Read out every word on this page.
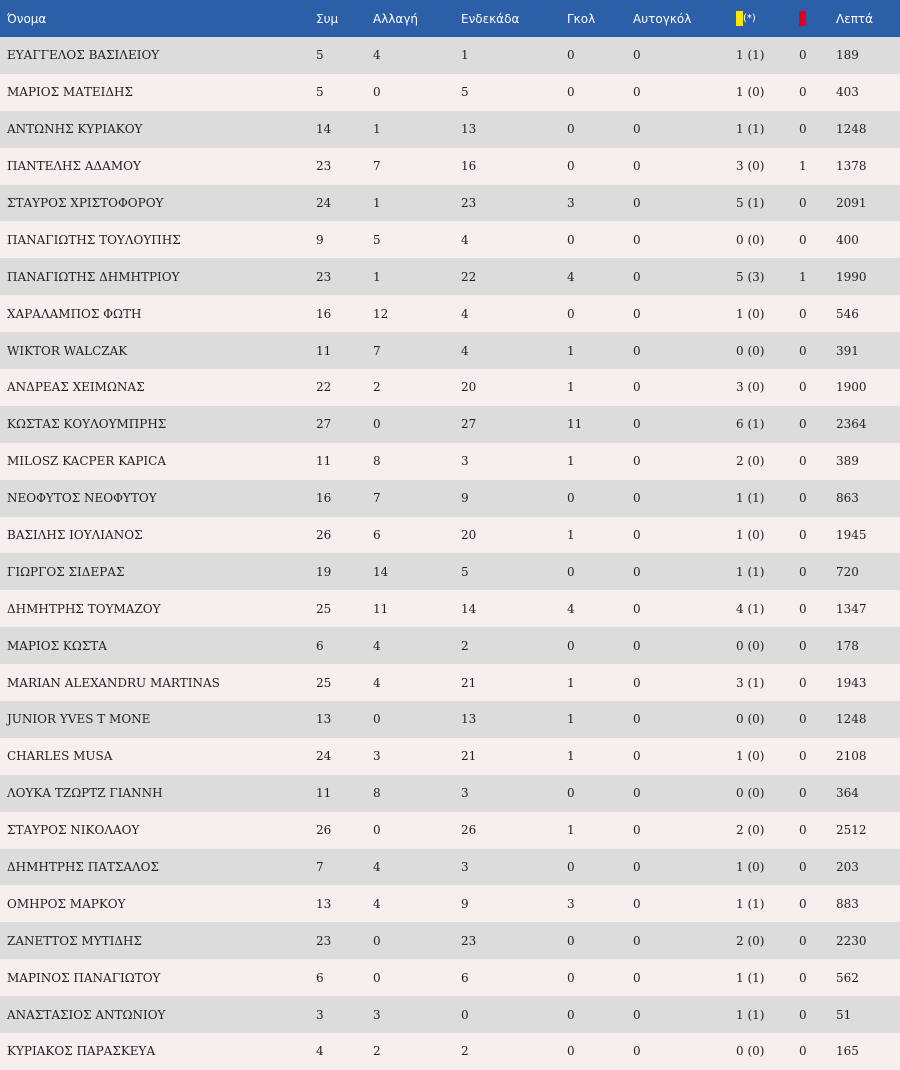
Όνομα	Συμ	Αλλαγή	Ενδεκάδα	Γκολ	Αυτογκόλ	(*)		Λεπτά
ΕΥΑΓΓΕΛΟΣ ΒΑΣΙΛΕΙΟΥ	5	4	1	0	0	1 (1)	0	189
ΜΑΡΙΟΣ ΜΑΤΕΙΔΗΣ	5	0	5	0	0	1 (0)	0	403
ΑΝΤΩΝΗΣ ΚΥΡΙΑΚΟΥ	14	1	13	0	0	1 (1)	0	1248
ΠΑΝΤΕΛΗΣ ΑΔΑΜΟΥ	23	7	16	0	0	3 (0)	1	1378
ΣΤΑΥΡΟΣ ΧΡΙΣΤΟΦΟΡΟΥ	24	1	23	3	0	5 (1)	0	2091
ΠΑΝΑΓΙΩΤΗΣ ΤΟΥΛΟΥΠΗΣ	9	5	4	0	0	0 (0)	0	400
ΠΑΝΑΓΙΩΤΗΣ ΔΗΜΗΤΡΙΟΥ	23	1	22	4	0	5 (3)	1	1990
ΧΑΡΑΛΑΜΠΟΣ ΦΩΤΗ	16	12	4	0	0	1 (0)	0	546
WIKTOR WALCZAK	11	7	4	1	0	0 (0)	0	391
ΑΝΔΡΕΑΣ ΧΕΙΜΩΝΑΣ	22	2	20	1	0	3 (0)	0	1900
ΚΩΣΤΑΣ ΚΟΥΛΟΥΜΠΡΗΣ	27	0	27	11	0	6 (1)	0	2364
MILOSZ KACPER KAPICA	11	8	3	1	0	2 (0)	0	389
ΝΕΟΦΥΤΟΣ ΝΕΟΦΥΤΟΥ	16	7	9	0	0	1 (1)	0	863
ΒΑΣΙΛΗΣ ΙΟΥΛΙΑΝΟΣ	26	6	20	1	0	1 (0)	0	1945
ΓΙΩΡΓΟΣ ΣΙΔΕΡΑΣ	19	14	5	0	0	1 (1)	0	720
ΔΗΜΗΤΡΗΣ ΤΟΥΜΑΖΟΥ	25	11	14	4	0	4 (1)	0	1347
ΜΑΡΙΟΣ ΚΩΣΤΑ	6	4	2	0	0	0 (0)	0	178
MARIAN ALEXANDRU MARTINAS	25	4	21	1	0	3 (1)	0	1943
JUNIOR YVES T MONE	13	0	13	1	0	0 (0)	0	1248
CHARLES MUSA	24	3	21	1	0	1 (0)	0	2108
ΛΟΥΚΑ ΤΖΩΡΤΖ ΓΙΑΝΝΗ	11	8	3	0	0	0 (0)	0	364
ΣΤΑΥΡΟΣ ΝΙΚΟΛΑΟΥ	26	0	26	1	0	2 (0)	0	2512
ΔΗΜΗΤΡΗΣ ΠΑΤΣΑΛΟΣ	7	4	3	0	0	1 (0)	0	203
ΟΜΗΡΟΣ ΜΑΡΚΟΥ	13	4	9	3	0	1 (1)	0	883
ΖΑΝΕΤΤΟΣ ΜΥΤΙΔΗΣ	23	0	23	0	0	2 (0)	0	2230
ΜΑΡΙΝΟΣ ΠΑΝΑΓΙΩΤΟΥ	6	0	6	0	0	1 (1)	0	562
ΑΝΑΣΤΑΣΙΟΣ ΑΝΤΩΝΙΟΥ	3	3	0	0	0	1 (1)	0	51
ΚΥΡΙΑΚΟΣ ΠΑΡΑΣΚΕΥΑ	4	2	2	0	0	0 (0)	0	165
